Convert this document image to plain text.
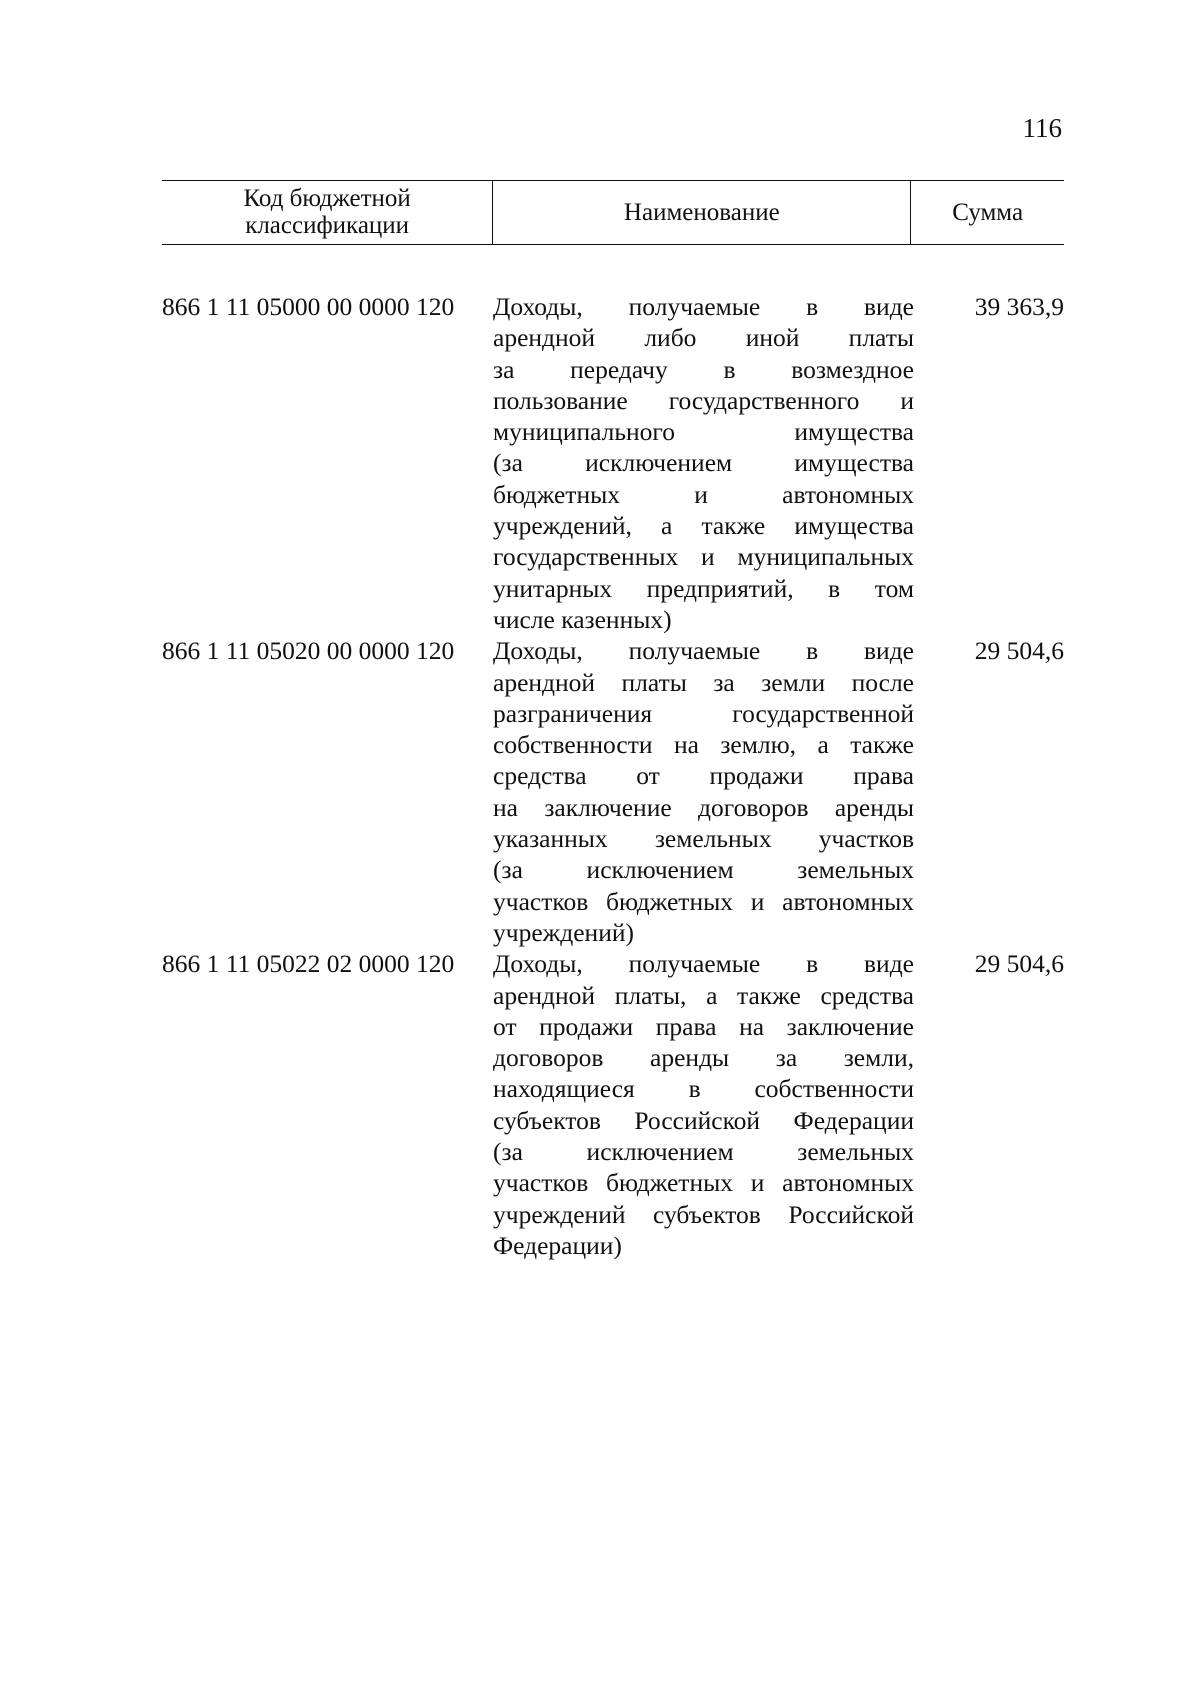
116
Код бюджетной
классификации	Наименование	Сумма
866 1 11 05000 00 0000 120	Доходы, получаемые в виде
арендной либо иной платы
за передачу в возмездное
пользование государственного и
муниципального имущества
(за исключением имущества
бюджетных и автономных
учреждений, а также имущества
государственных и муниципальных
унитарных предприятий, в том
числе казенных)
39 363,9
866 1 11 05020 00 0000 120	Доходы, получаемые в виде
арендной платы за земли после
разграничения государственной
собственности на землю, а также
средства от продажи права
на заключение договоров аренды
указанных земельных участков
(за исключением земельных
участков бюджетных и автономных
учреждений)
29 504,6
866 1 11 05022 02 0000 120	Доходы, получаемые в виде
арендной платы, а также средства
от продажи права на заключение
договоров аренды за земли,
находящиеся в собственности
субъектов Российской Федерации
(за исключением земельных
участков бюджетных и автономных
учреждений субъектов Российской
Федерации)
29 504,6
